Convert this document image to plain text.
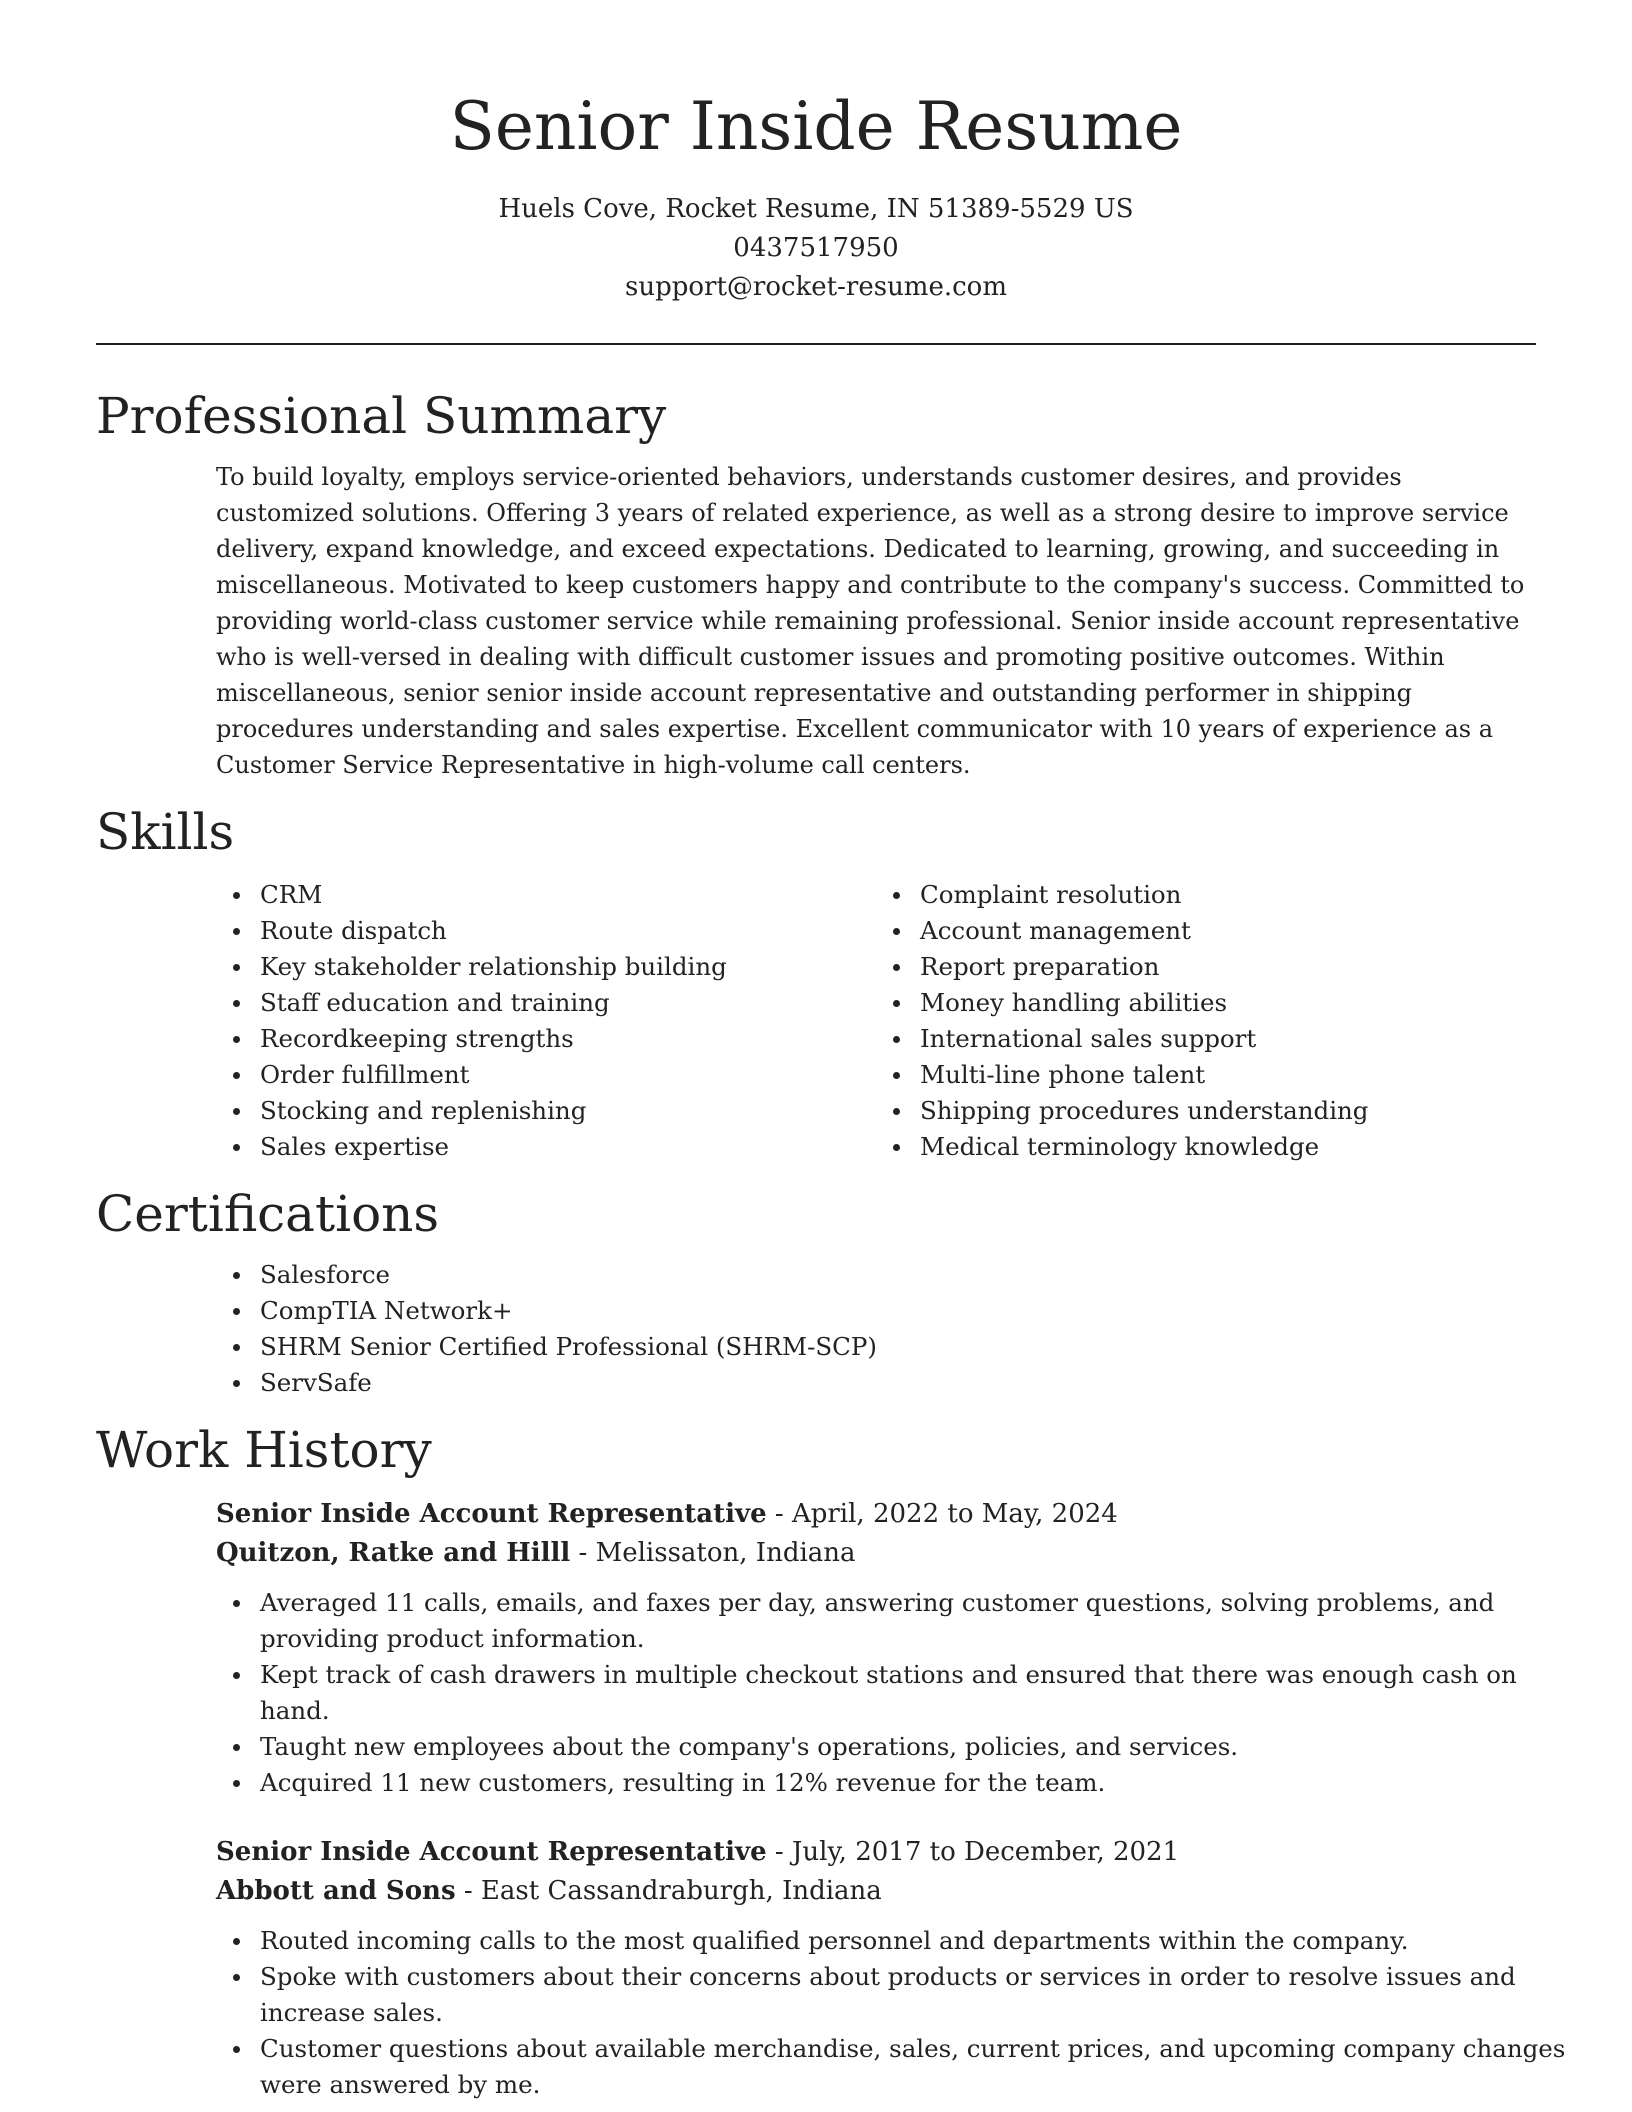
Senior Inside Resume

Huels Cove, Rocket Resume, IN 51389-5529 US

0437517950

support@rocket-resume.com

Professional Summary

To build loyalty, employs service-oriented behaviors, understands customer desires, and provides customized solutions. Offering 3 years of related experience, as well as a strong desire to improve service delivery, expand knowledge, and exceed expectations. Dedicated to learning, growing, and succeeding in miscellaneous. Motivated to keep customers happy and contribute to the company's success. Committed to providing world-class customer service while remaining professional. Senior inside account representative who is well-versed in dealing with difficult customer issues and promoting positive outcomes. Within miscellaneous, senior senior inside account representative and outstanding performer in shipping procedures understanding and sales expertise. Excellent communicator with 10 years of experience as a Customer Service Representative in high-volume call centers.

Skills
CRM
Route dispatch
Key stakeholder relationship building
Staff education and training
Recordkeeping strengths
Order fulfillment
Stocking and replenishing
Sales expertise
Complaint resolution
Account management
Report preparation
Money handling abilities
International sales support
Multi-line phone talent
Shipping procedures understanding
Medical terminology knowledge
Certifications
Salesforce
CompTIA Network+
SHRM Senior Certified Professional (SHRM-SCP)
ServSafe
Work History

Senior Inside Account Representative - April, 2022 to May, 2024

Quitzon, Ratke and Hilll - Melissaton, Indiana

Averaged 11 calls, emails, and faxes per day, answering customer questions, solving problems, and providing product information.
Kept track of cash drawers in multiple checkout stations and ensured that there was enough cash on hand.
Taught new employees about the company's operations, policies, and services.
Acquired 11 new customers, resulting in 12% revenue for the team.

Senior Inside Account Representative - July, 2017 to December, 2021

Abbott and Sons - East Cassandraburgh, Indiana

Routed incoming calls to the most qualified personnel and departments within the company.
Spoke with customers about their concerns about products or services in order to resolve issues and increase sales.
Customer questions about available merchandise, sales, current prices, and upcoming company changes were answered by me.
